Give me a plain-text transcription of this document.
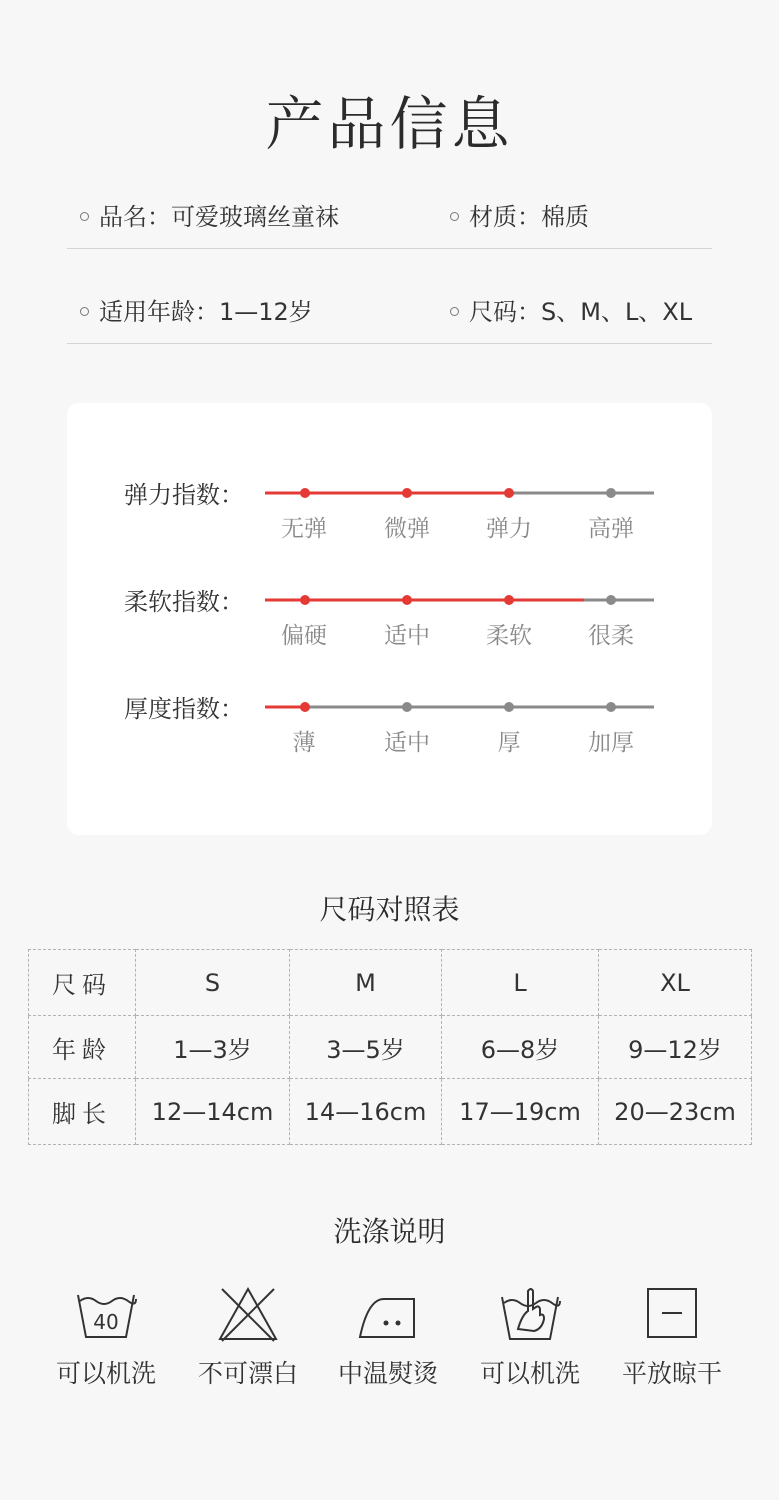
产品信息
品名：可爱玻璃丝童袜	材质：棉质
适用年龄：1—12岁	尺码：S、M、L、XL
弹力指数：
无弹	微弹	弹力	高弹
柔软指数：
偏硬	适中	柔软	很柔
厚度指数：
薄	适中	厚	加厚
尺码对照表
尺码	S	M	L	XL
年龄	1—3岁	3—5岁	6—8岁	9—12岁
脚长	12—14cm	14—16cm	17—19cm	20—23cm
洗涤说明
40
可以机洗	不可漂白	中温熨烫	可以机洗	平放晾干
